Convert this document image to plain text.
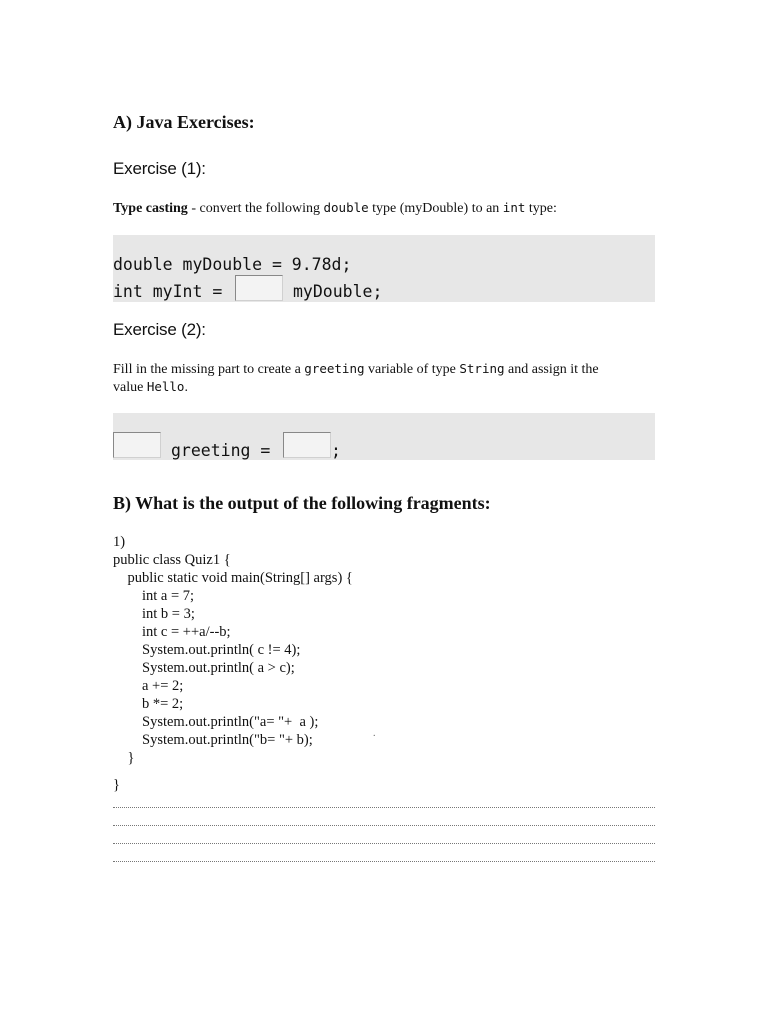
A) Java Exercises:
Exercise (1):
Type casting - convert the following double type (myDouble) to an int type:
double myDouble = 9.78d;
int myInt =	myDouble;
Exercise (2):
Fill in the missing part to create a greeting variable of type String and assign it the
value Hello.
greeting =	;
B) What is the output of the following fragments:
1)
public class Quiz1 {
public static void main(String[] args) {
int a = 7;
int b = 3;
int c = ++a/--b;
System.out.println( c != 4);
System.out.println( a > c);
a += 2;
b *= 2;
System.out.println("a= "+  a );
System.out.println("b= "+ b);
}
}
.
